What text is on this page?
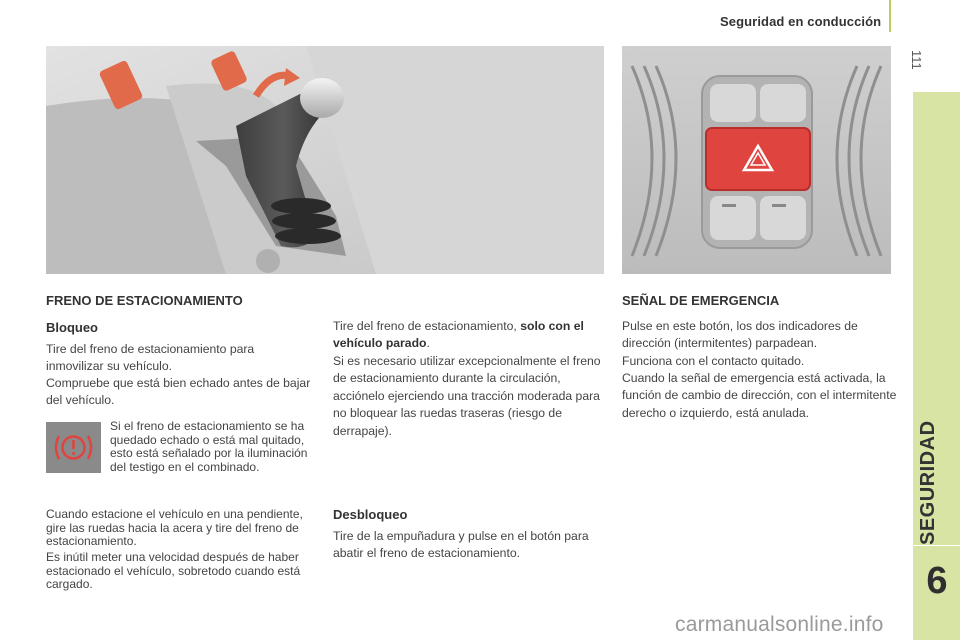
Seguridad en conducción
111
6
FRENO DE ESTACIONAMIENTO
Bloqueo
Tire del freno de estacionamiento para inmovilizar su vehículo.
Compruebe que está bien echado antes de bajar del vehículo.
Si el freno de estacionamiento se ha quedado echado o está mal quitado, esto está señalado por la iluminación del testigo en el combinado.
Cuando estacione el vehículo en una pendiente, gire las ruedas hacia la acera y tire del freno de estacionamiento.
Es inútil meter una velocidad después de haber estacionado el vehículo, sobretodo cuando está cargado.
Tire del freno de estacionamiento, solo con el vehículo parado.
Si es necesario utilizar excepcionalmente el freno de estacionamiento durante la circulación, acciónelo ejerciendo una tracción moderada para no bloquear las ruedas traseras (riesgo de derrapaje).
Desbloqueo
Tire de la empuñadura y pulse en el botón para abatir el freno de estacionamiento.
SEÑAL DE EMERGENCIA
Pulse en este botón, los dos indicadores de dirección (intermitentes) parpadean.
Funciona con el contacto quitado.
Cuando la señal de emergencia está activada, la función de cambio de dirección, con el intermitente derecho o izquierdo, está anulada.
carmanualsonline.info
